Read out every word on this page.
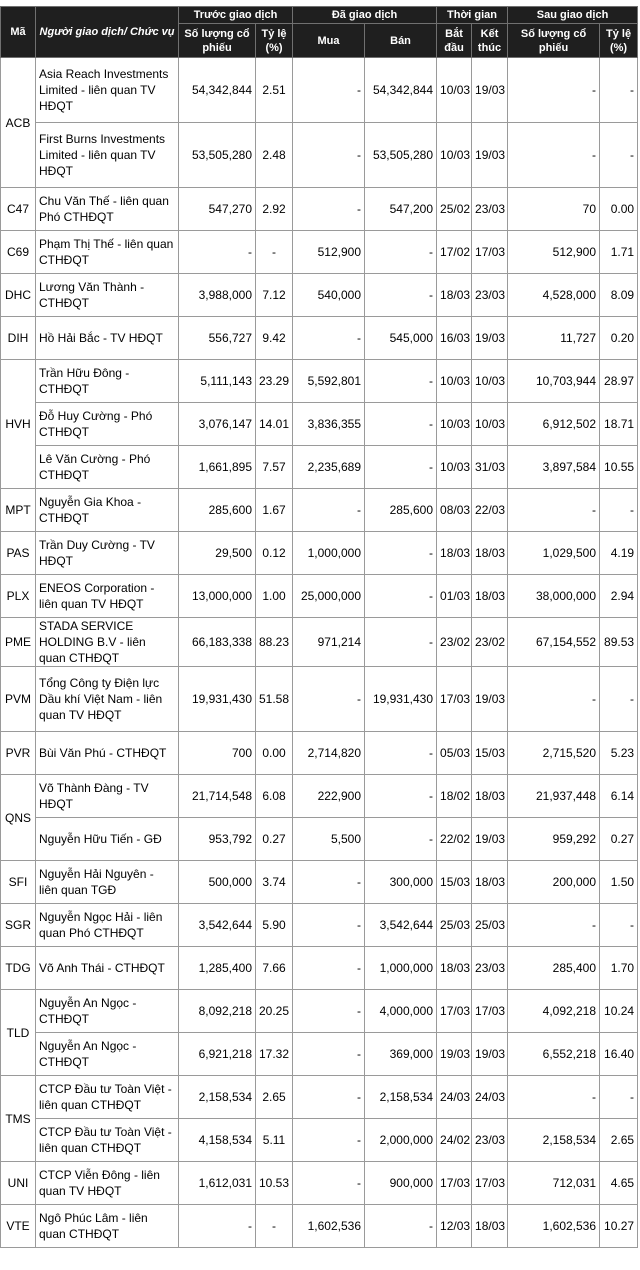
Mã	Người giao dịch/ Chức vụ	Trước giao dịch		Đã giao dịch		Thời gian		Sau giao dịch	
		Số lượng cổ phiếu	Tỷ lệ (%)	Mua	Bán	Bắt đầu	Kết thúc	Số lượng cổ phiếu	Tỷ lệ (%)
ACB	Asia Reach Investments Limited - liên quan TV HĐQT	54,342,844	2.51	-	54,342,844	10/03	19/03	-	-
	First Burns Investments Limited - liên quan TV HĐQT	53,505,280	2.48	-	53,505,280	10/03	19/03	-	-
C47	Chu Văn Thế - liên quan Phó CTHĐQT	547,270	2.92	-	547,200	25/02	23/03	70	0.00
C69	Phạm Thị Thế - liên quan CTHĐQT	-	-	512,900	-	17/02	17/03	512,900	1.71
DHC	Lương Văn Thành - CTHĐQT	3,988,000	7.12	540,000	-	18/03	23/03	4,528,000	8.09
DIH	Hồ Hải Bắc - TV HĐQT	556,727	9.42	-	545,000	16/03	19/03	11,727	0.20
HVH	Trần Hữu Đông - CTHĐQT	5,111,143	23.29	5,592,801	-	10/03	10/03	10,703,944	28.97
	Đỗ Huy Cường - Phó CTHĐQT	3,076,147	14.01	3,836,355	-	10/03	10/03	6,912,502	18.71
	Lê Văn Cường - Phó CTHĐQT	1,661,895	7.57	2,235,689	-	10/03	31/03	3,897,584	10.55
MPT	Nguyễn Gia Khoa - CTHĐQT	285,600	1.67	-	285,600	08/03	22/03	-	-
PAS	Trần Duy Cường - TV HĐQT	29,500	0.12	1,000,000	-	18/03	18/03	1,029,500	4.19
PLX	ENEOS Corporation - liên quan TV HĐQT	13,000,000	1.00	25,000,000	-	01/03	18/03	38,000,000	2.94
PME	STADA SERVICE HOLDING B.V - liên quan CTHĐQT	66,183,338	88.23	971,214	-	23/02	23/02	67,154,552	89.53
PVM	Tổng Công ty Điện lực Dầu khí Việt Nam - liên quan TV HĐQT	19,931,430	51.58	-	19,931,430	17/03	19/03	-	-
PVR	Bùi Văn Phú - CTHĐQT	700	0.00	2,714,820	-	05/03	15/03	2,715,520	5.23
QNS	Võ Thành Đàng - TV HĐQT	21,714,548	6.08	222,900	-	18/02	18/03	21,937,448	6.14
	Nguyễn Hữu Tiến - GĐ	953,792	0.27	5,500	-	22/02	19/03	959,292	0.27
SFI	Nguyễn Hải Nguyên - liên quan TGĐ	500,000	3.74	-	300,000	15/03	18/03	200,000	1.50
SGR	Nguyễn Ngọc Hải - liên quan Phó CTHĐQT	3,542,644	5.90	-	3,542,644	25/03	25/03	-	-
TDG	Võ Anh Thái - CTHĐQT	1,285,400	7.66	-	1,000,000	18/03	23/03	285,400	1.70
TLD	Nguyễn An Ngọc - CTHĐQT	8,092,218	20.25	-	4,000,000	17/03	17/03	4,092,218	10.24
	Nguyễn An Ngọc - CTHĐQT	6,921,218	17.32	-	369,000	19/03	19/03	6,552,218	16.40
TMS	CTCP Đầu tư Toàn Việt - liên quan CTHĐQT	2,158,534	2.65	-	2,158,534	24/03	24/03	-	-
	CTCP Đầu tư Toàn Việt - liên quan CTHĐQT	4,158,534	5.11	-	2,000,000	24/02	23/03	2,158,534	2.65
UNI	CTCP Viễn Đông - liên quan TV HĐQT	1,612,031	10.53	-	900,000	17/03	17/03	712,031	4.65
VTE	Ngô Phúc Lâm - liên quan CTHĐQT	-	-	1,602,536	-	12/03	18/03	1,602,536	10.27
